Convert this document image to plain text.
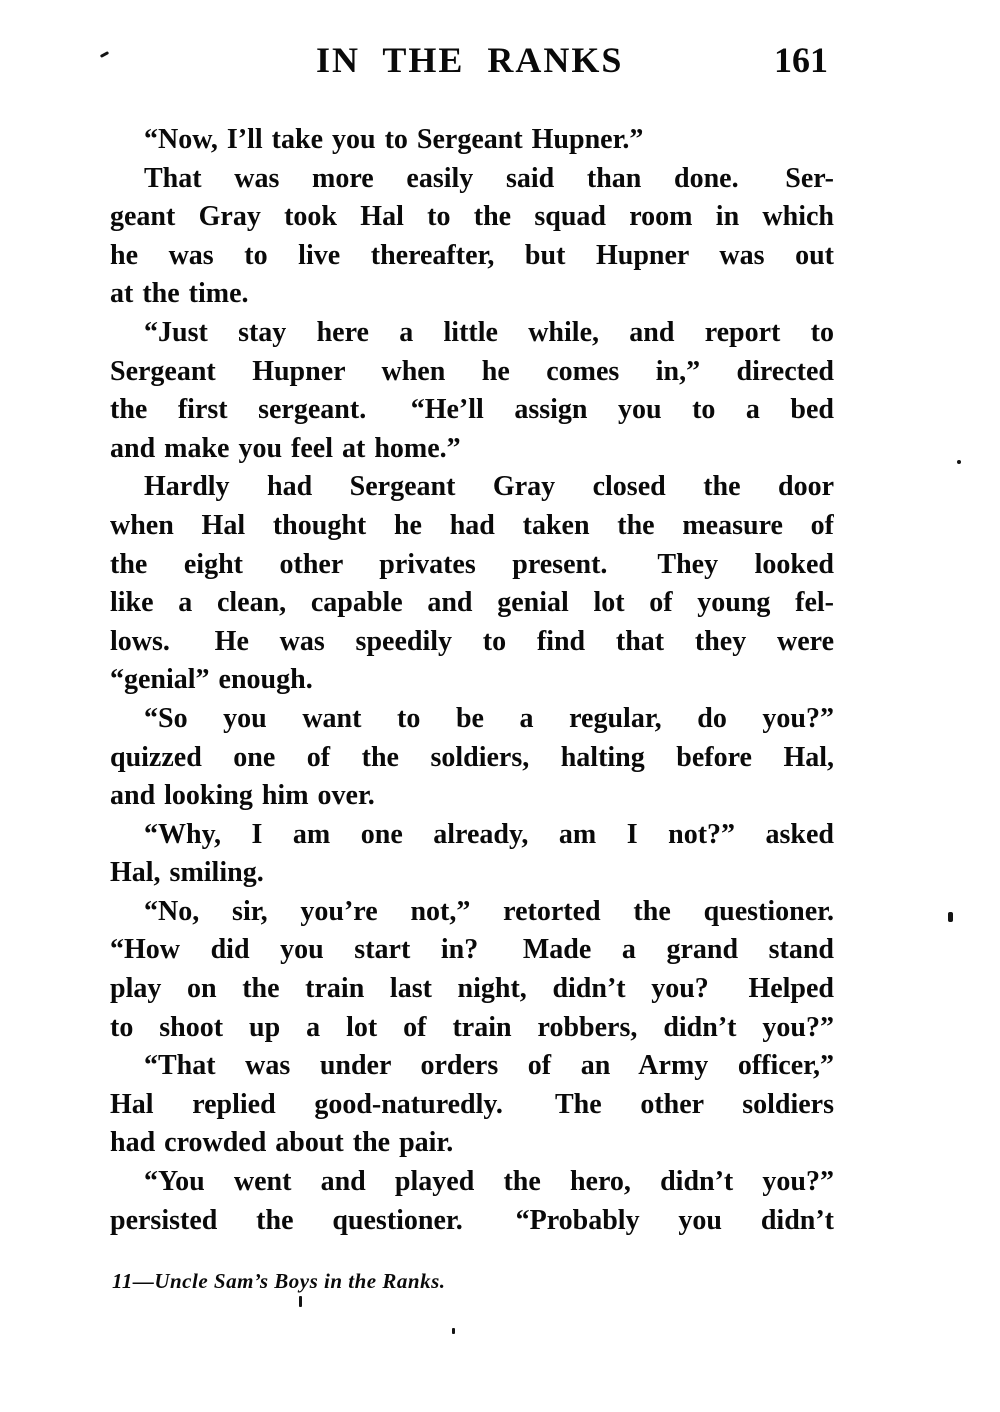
IN THE RANKS	161
“Now, I’ll take you to Sergeant Hupner.”
That was more easily said than done.  Ser-
geant Gray took Hal to the squad room in which
he was to live thereafter, but Hupner was out
at the time.
“Just stay here a little while, and report to
Sergeant Hupner when he comes in,” directed
the first sergeant.  “He’ll assign you to a bed
and make you feel at home.”
Hardly had Sergeant Gray closed the door
when Hal thought he had taken the measure of
the eight other privates present.  They looked
like a clean, capable and genial lot of young fel-
lows.  He was speedily to find that they were
“genial” enough.
“So you want to be a regular, do you?”
quizzed one of the soldiers, halting before Hal,
and looking him over.
“Why, I am one already, am I not?” asked
Hal, smiling.
“No, sir, you’re not,” retorted the questioner.
“How did you start in?  Made a grand stand
play on the train last night, didn’t you?  Helped
to shoot up a lot of train robbers, didn’t you?”
“That was under orders of an Army officer,”
Hal replied good-naturedly.  The other soldiers
had crowded about the pair.
“You went and played the hero, didn’t you?”
persisted the questioner.  “Probably you didn’t
11—Uncle Sam’s Boys in the Ranks.
